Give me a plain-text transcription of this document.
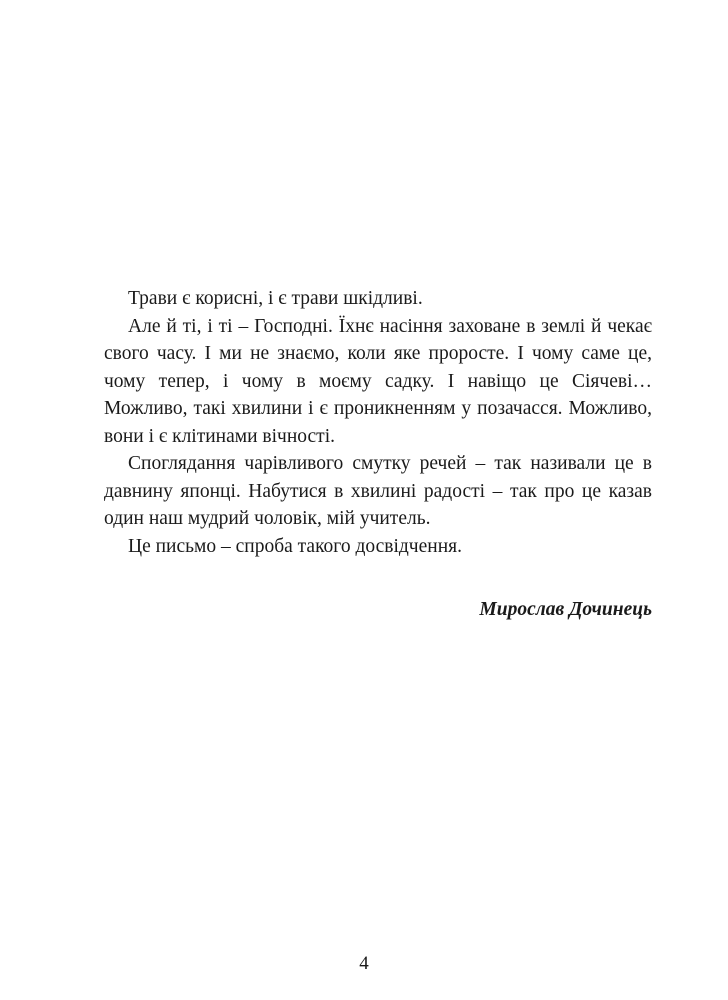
Трави є корисні, і є трави шкідливі.

Але й ті, і ті – Господні. Їхнє насіння заховане в землі й чекає свого часу. І ми не знаємо, коли яке проросте. І чому саме це, чому тепер, і чому в моєму садку. І навіщо це Сіячеві… Можливо, такі хвилини і є проникненням у позачасся. Можливо, вони і є клітинами вічності.

Споглядання чарівливого смутку речей – так називали це в давнину японці. Набутися в хвилині радості – так про це казав один наш мудрий чоловік, мій учитель.

Це письмо – спроба такого досвідчення.

Мирослав Дочинець
4
